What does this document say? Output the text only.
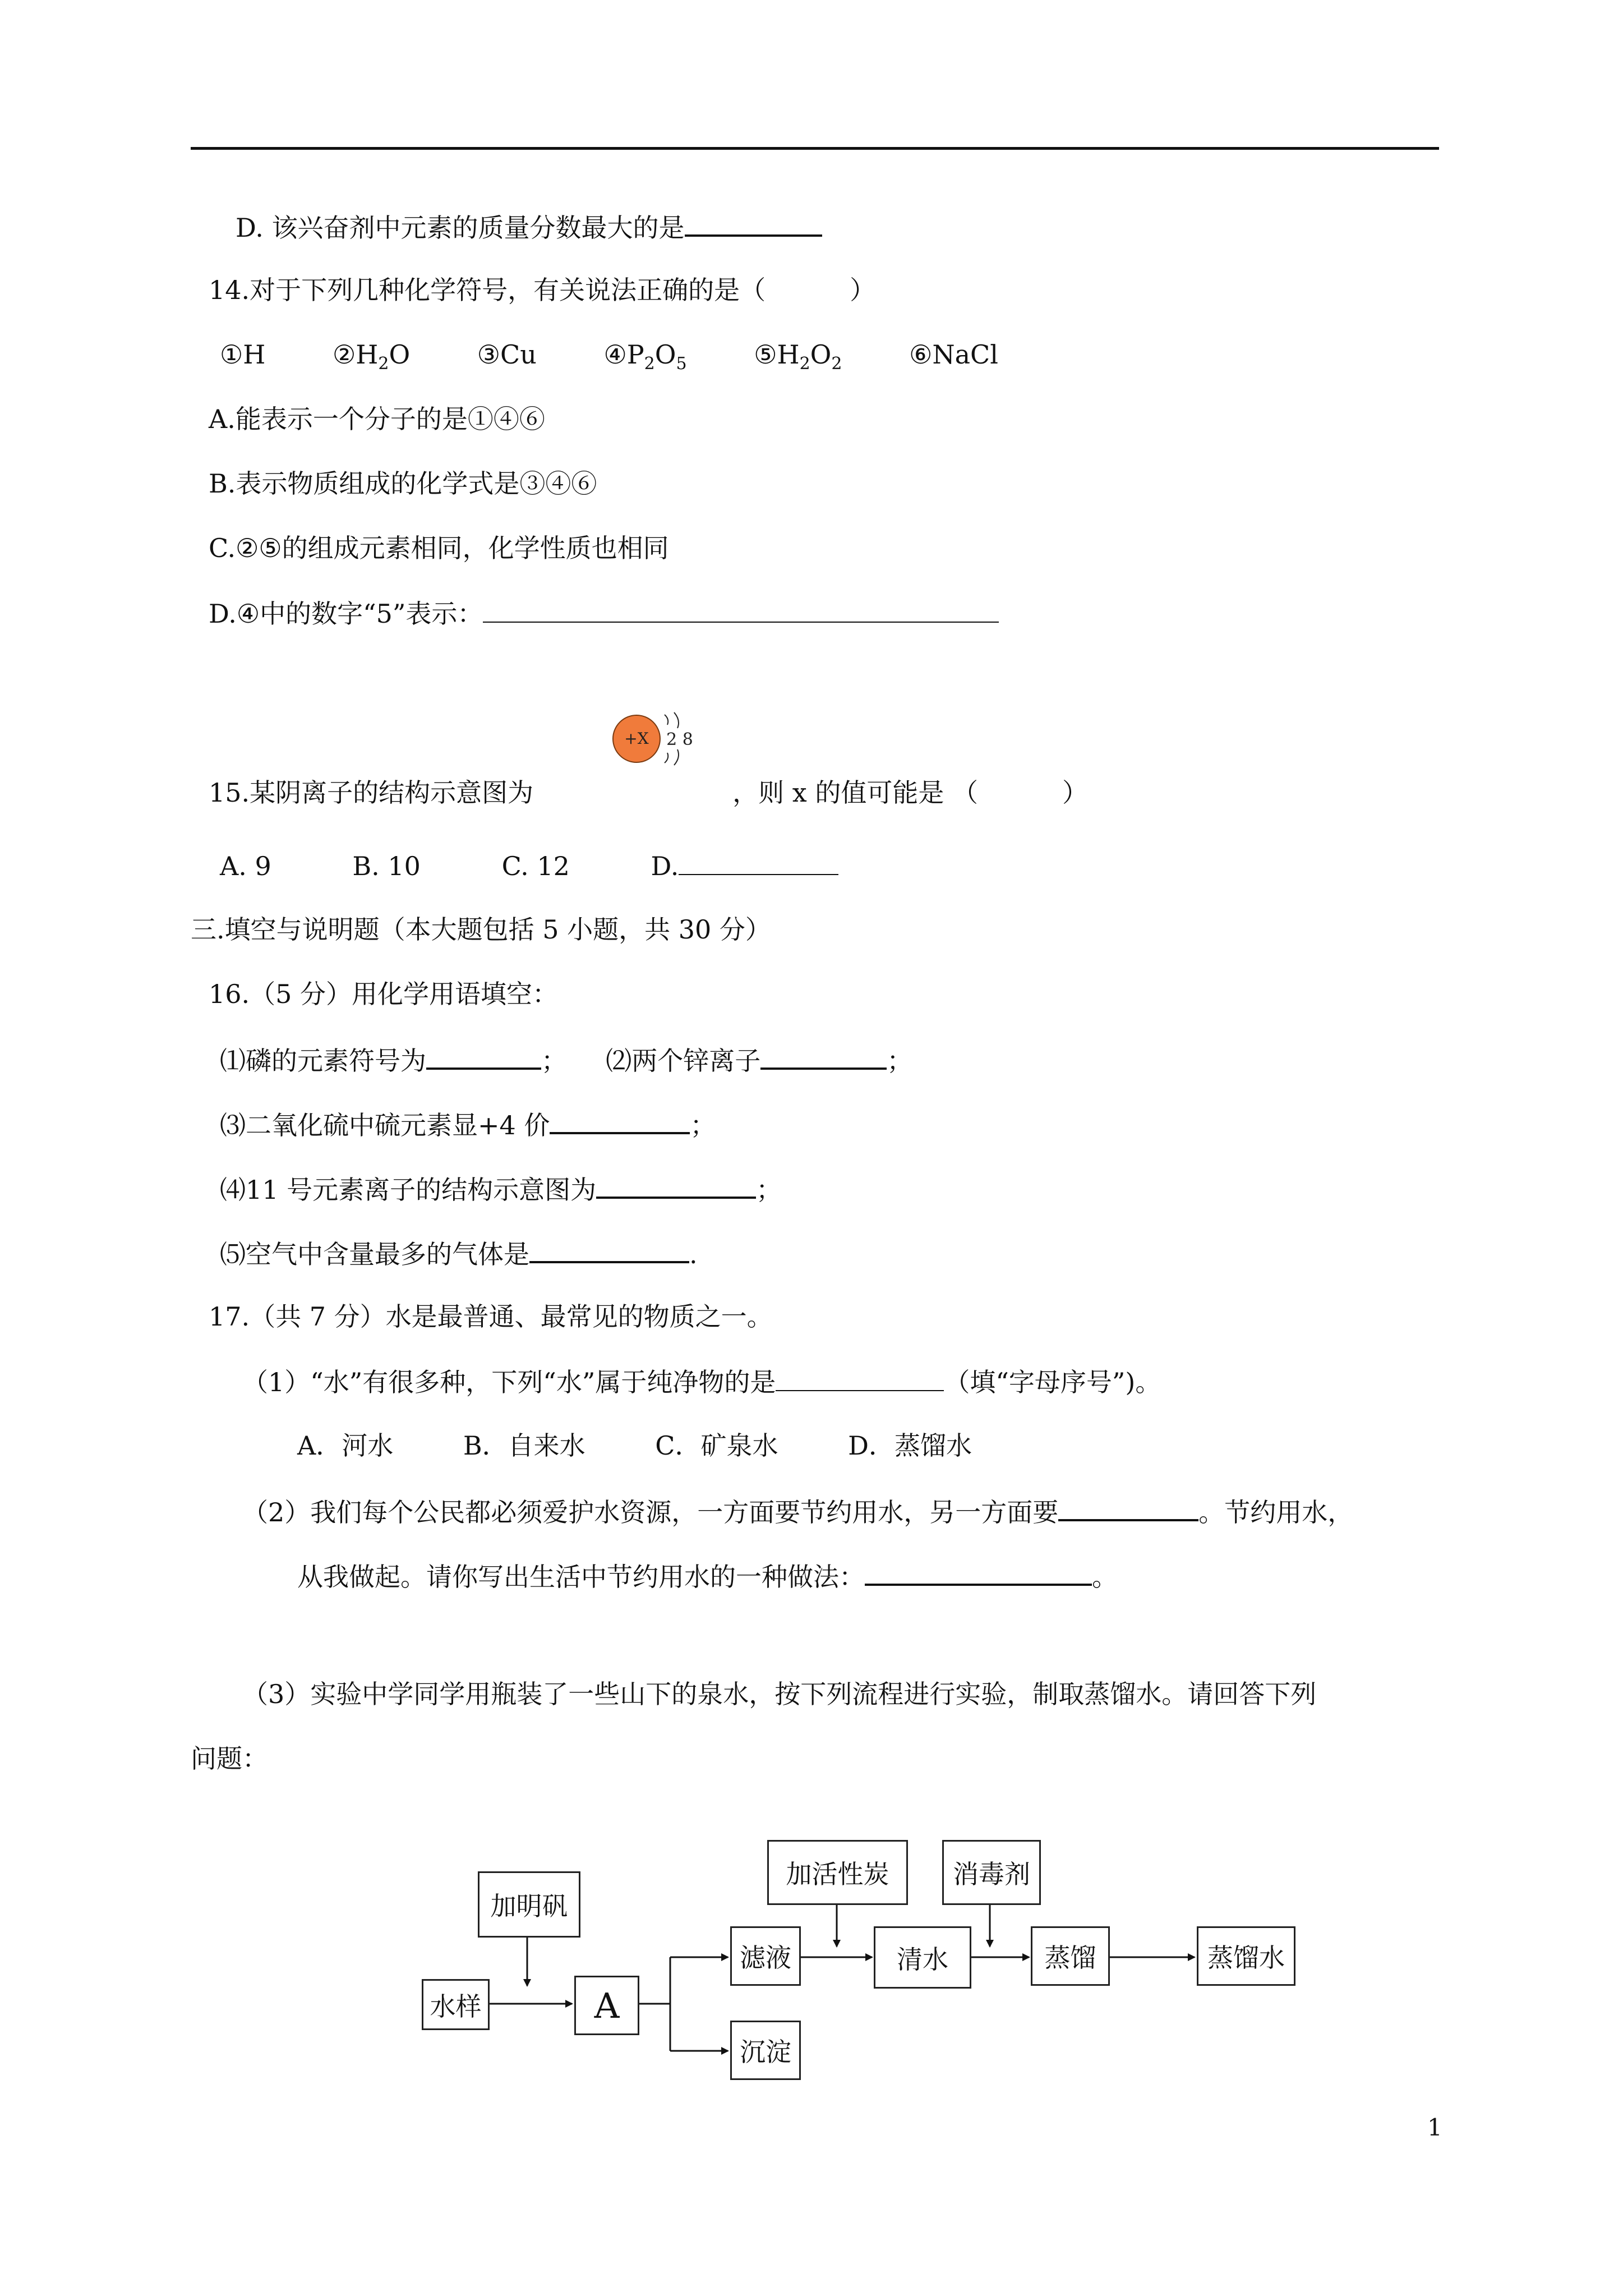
D. 该兴奋剂中元素的质量分数最大的是
14.对于下列几种化学符号，有关说法正确的是（	）
①H	$②H_2O$	③Cu	$④P_2O_5$	$⑤H_2O_2$	⑥NaCl
A.能表示一个分子的是①④⑥
B.表示物质组成的化学式是③④⑥
C.②⑤的组成元素相同，化学性质也相同
D.④中的数字“5”表示：
+X 2 8
15.某阴离子的结构示意图为	，则 x 的值可能是 （	）
A. 9	B. 10	C. 12	D.
三.填空与说明题（本大题包括 5 小题，共 30 分）
16.（5 分）用化学用语填空：
⑴磷的元素符号为	； ⑵两个锌离子	；
⑶二氧化硫中硫元素显+4 价	；
⑷11 号元素离子的结构示意图为	；
⑸空气中含量最多的气体是	.
17.（共 7 分）水是最普通、最常见的物质之一。
（1）“水”有很多种，下列“水”属于纯净物的是	（填“字母序号”)。
A．河水	B．自来水	C．矿泉水	D．蒸馏水
（2）我们每个公民都必须爱护水资源，一方面要节约用水，另一方面要	。节约用水，
从我做起。请你写出生活中节约用水的一种做法：	。
（3）实验中学同学用瓶装了一些山下的泉水，按下列流程进行实验，制取蒸馏水。请回答下列
问题：
水样
加明矾
A
滤液
沉淀
加活性炭
清水
消毒剂
蒸馏	蒸馏水
1
